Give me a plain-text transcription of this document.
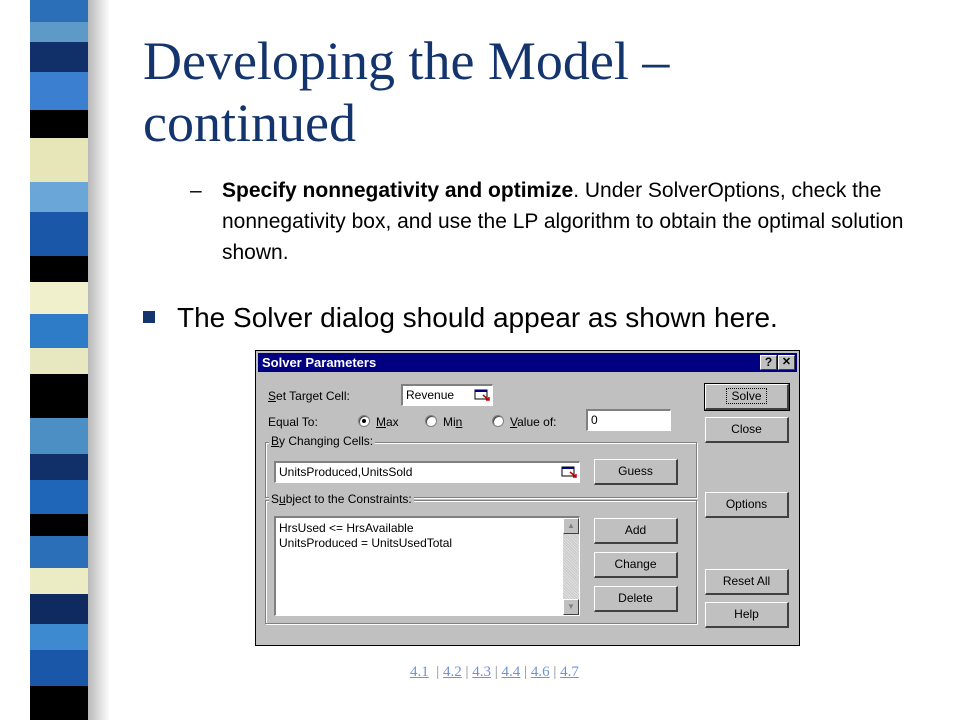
Developing the Model –
continued
– Specify nonnegativity and optimize. Under SolverOptions, check the nonnegativity box, and use the LP algorithm to obtain the optimal solution shown.
The Solver dialog should appear as shown here.
Solver Parameters	? ✕
Set Target Cell:	Revenue
Equal To:	Max	Min	Value of:	0
By Changing Cells:
UnitsProduced,UnitsSold	Guess
Subject to the Constraints:
HrsUsed <= HrsAvailable
UnitsProduced = UnitsUsedTotal
▲
▼
Add
Change
Delete
Solve
Close
Options
Reset All
Help
4.1 | 4.2 | 4.3 | 4.4 | 4.6 | 4.7
